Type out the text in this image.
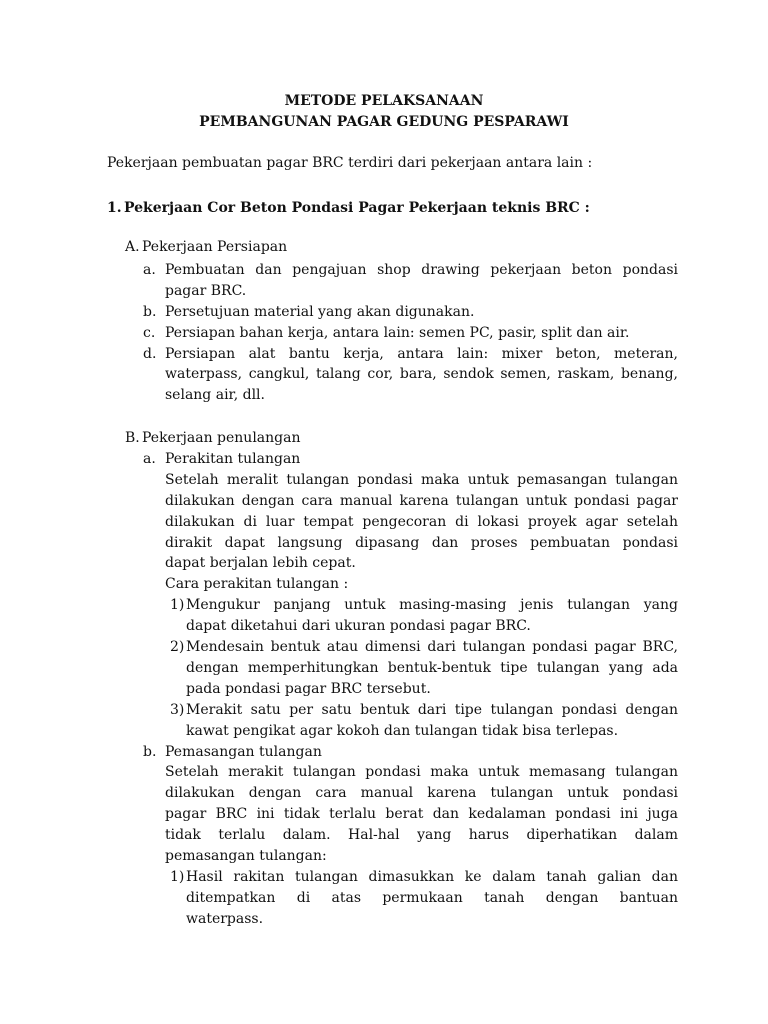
METODE PELAKSANAAN
PEMBANGUNAN PAGAR GEDUNG PESPARAWI
Pekerjaan pembuatan pagar BRC terdiri dari pekerjaan antara lain :
1. Pekerjaan Cor Beton Pondasi Pagar Pekerjaan teknis BRC :
A. Pekerjaan Persiapan
a. Pembuatan dan pengajuan shop drawing pekerjaan beton pondasi
pagar BRC.
b. Persetujuan material yang akan digunakan.
c. Persiapan bahan kerja, antara lain: semen PC, pasir, split dan air.
d. Persiapan alat bantu kerja, antara lain: mixer beton, meteran,
waterpass, cangkul, talang cor, bara, sendok semen, raskam, benang,
selang air, dll.
B. Pekerjaan penulangan
a. Perakitan tulangan
Setelah meralit tulangan pondasi maka untuk pemasangan tulangan
dilakukan dengan cara manual karena tulangan untuk pondasi pagar
dilakukan di luar tempat pengecoran di lokasi proyek agar setelah
dirakit dapat langsung dipasang dan proses pembuatan pondasi
dapat berjalan lebih cepat.
Cara perakitan tulangan :
1) Mengukur panjang untuk masing-masing jenis tulangan yang
dapat diketahui dari ukuran pondasi pagar BRC.
2) Mendesain bentuk atau dimensi dari tulangan pondasi pagar BRC,
dengan memperhitungkan bentuk-bentuk tipe tulangan yang ada
pada pondasi pagar BRC tersebut.
3) Merakit satu per satu bentuk dari tipe tulangan pondasi dengan
kawat pengikat agar kokoh dan tulangan tidak bisa terlepas.
b. Pemasangan tulangan
Setelah merakit tulangan pondasi maka untuk memasang tulangan
dilakukan dengan cara manual karena tulangan untuk pondasi
pagar BRC ini tidak terlalu berat dan kedalaman pondasi ini juga
tidak terlalu dalam. Hal-hal yang harus diperhatikan dalam
pemasangan tulangan:
1) Hasil rakitan tulangan dimasukkan ke dalam tanah galian dan
ditempatkan di atas permukaan tanah dengan bantuan
waterpass.
